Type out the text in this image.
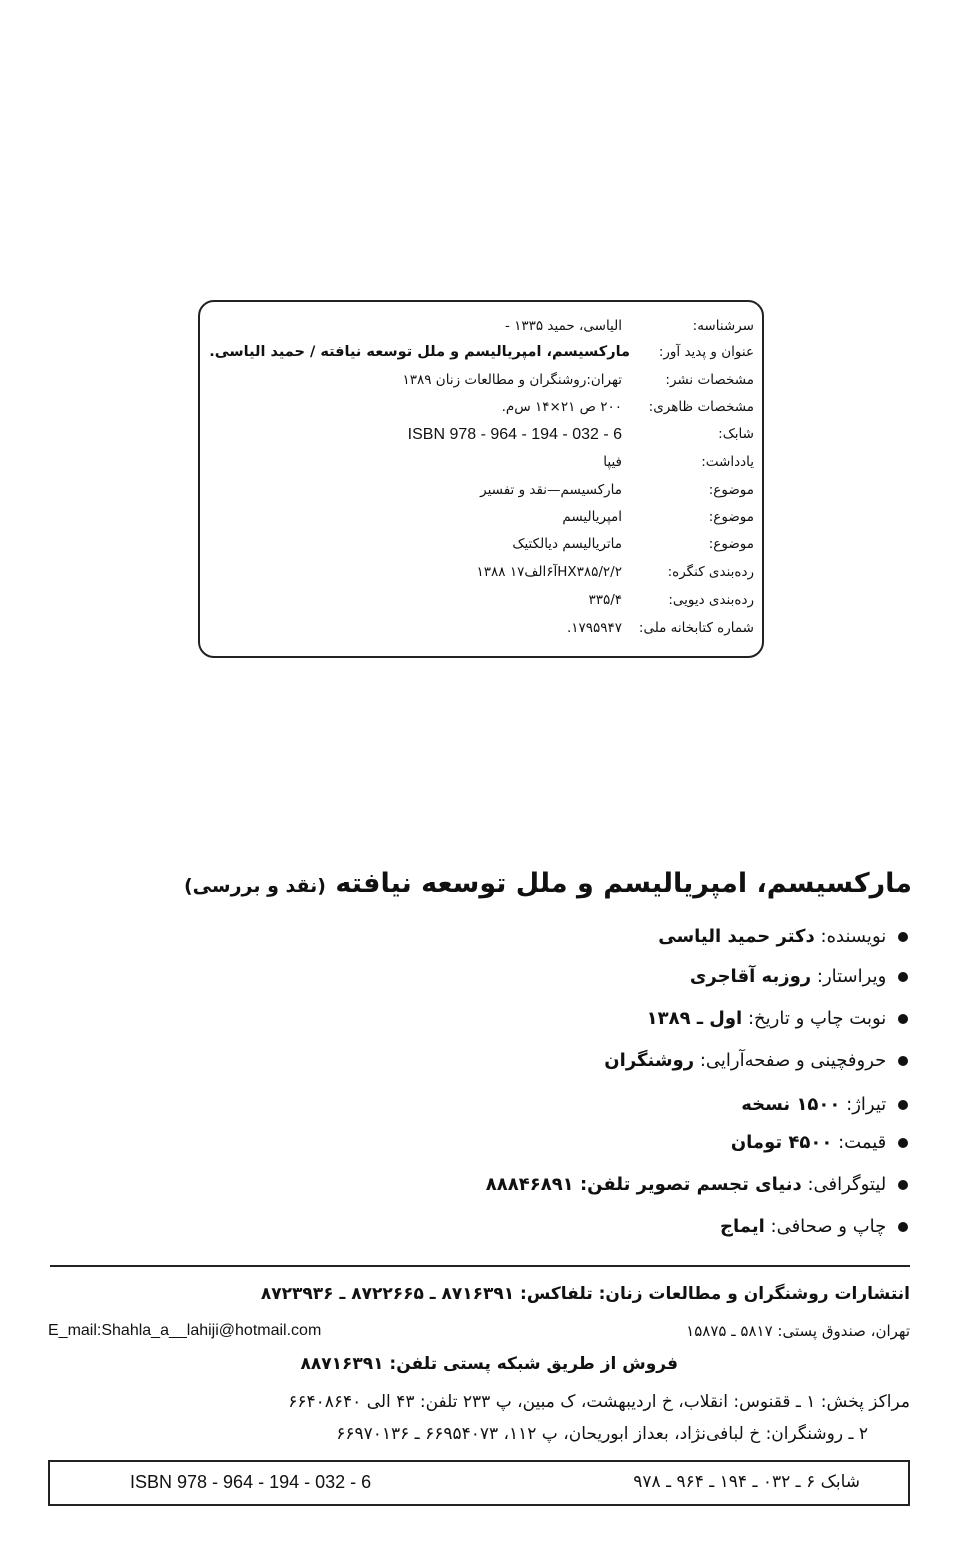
سرشناسه:
الیاسی، حمید ۱۳۳۵ -
عنوان و پدید آور:
مارکسیسم، امپریالیسم و ملل توسعه نیافته / حمید الیاسی.
مشخصات نشر:
تهران:روشنگران و مطالعات زنان ۱۳۸۹
مشخصات ظاهری:
۲۰۰ ص ۲۱×۱۴ س‌م.
شابک:
ISBN 978 - 964 - 194 - 032 - 6
یادداشت:
فیپا
موضوع:
مارکسیسم—نقد و تفسیر
موضوع:
امپریالیسم
موضوع:
ماتریالیسم دیالکتیک
رده‌بندی کنگره:
HX۳۸۵/۲/۲آ۶الف۱۷ ۱۳۸۸
رده‌بندی دیویی:
۳۳۵/۴
شماره کتابخانه ملی:
۱۷۹۵۹۴۷.
مارکسیسم، امپریالیسم و ملل توسعه نیافته (نقد و بررسی)
نویسنده: دکتر حمید الیاسی
ویراستار: روزبه آقاجری
نوبت چاپ و تاریخ: اول ـ ۱۳۸۹
حروفچینی و صفحه‌آرایی: روشنگران
تیراژ: ۱۵۰۰ نسخه
قیمت: ۴۵۰۰ تومان
لیتوگرافی: دنیای تجسم تصویر تلفن: ۸۸۸۴۶۸۹۱
چاپ و صحافی: ایماج
انتشارات روشنگران و مطالعات زنان: تلفاکس: ۸۷۱۶۳۹۱ ـ ۸۷۲۲۶۶۵ ـ ۸۷۲۳۹۳۶
تهران، صندوق پستی: ۵۸۱۷ ـ ۱۵۸۷۵
E_mail:Shahla_a__lahiji@hotmail.com
فروش از طریق شبکه پستی تلفن: ۸۸۷۱۶۳۹۱
مراکز پخش: ۱ ـ ققنوس: انقلاب، خ اردیبهشت، ک مبین، پ ۲۳۳ تلفن: ۴۳ الی ۶۶۴۰۸۶۴۰
۲ ـ روشنگران: خ لبافی‌نژاد، بعداز ابوریحان، پ ۱۱۲، ۶۶۹۵۴۰۷۳ ـ ۶۶۹۷۰۱۳۶
ISBN 978 - 964 - 194 - 032 - 6	شابک ۶ ـ ۰۳۲ ـ ۱۹۴ ـ ۹۶۴ ـ ۹۷۸
